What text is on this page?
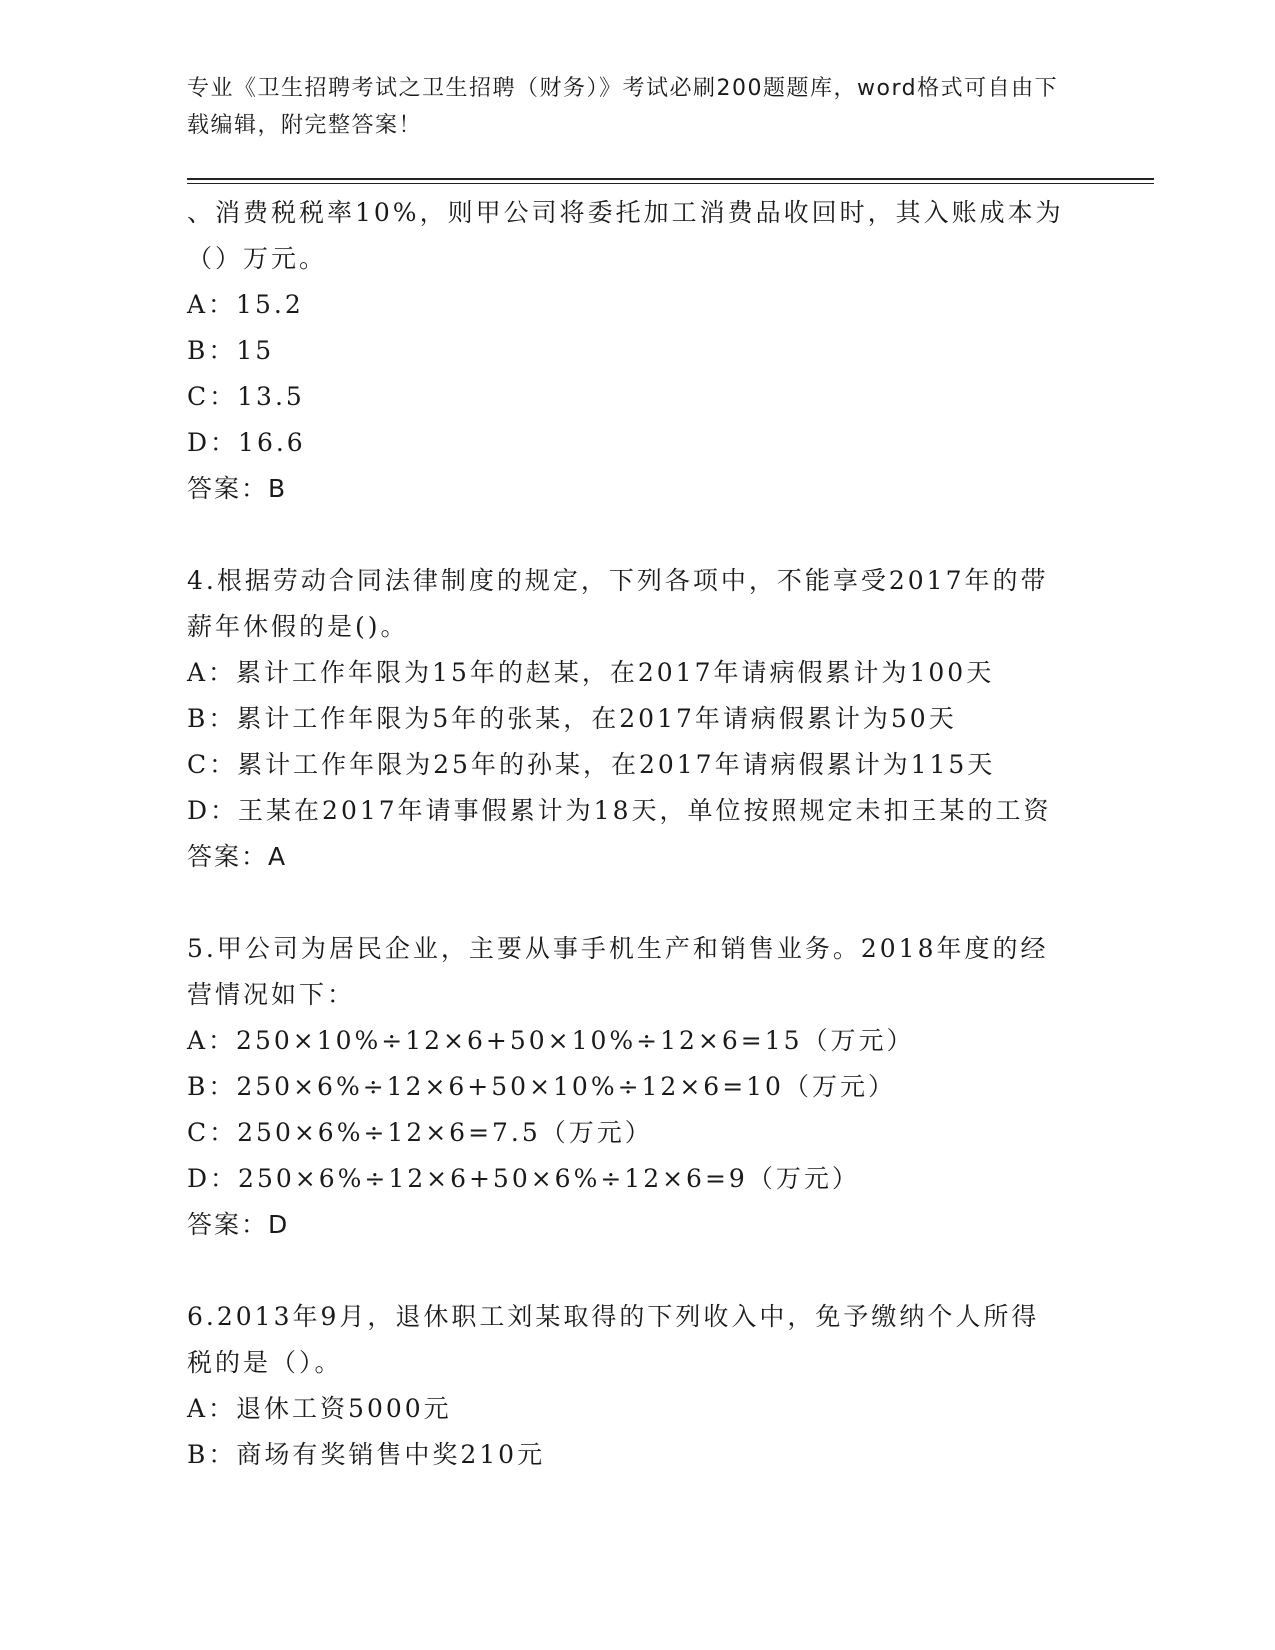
专业《卫生招聘考试之卫生招聘（财务）》考试必刷200题题库，word格式可自由下载编辑，附完整答案！

、消费税税率10%，则甲公司将委托加工消费品收回时，其入账成本为

（）万元。

A：15.2

B：15

C：13.5

D：16.6

答案：B

4.根据劳动合同法律制度的规定，下列各项中，不能享受2017年的带

薪年休假的是()。

A：累计工作年限为15年的赵某，在2017年请病假累计为100天

B：累计工作年限为5年的张某，在2017年请病假累计为50天

C：累计工作年限为25年的孙某，在2017年请病假累计为115天

D：王某在2017年请事假累计为18天，单位按照规定未扣王某的工资

答案：A

5.甲公司为居民企业，主要从事手机生产和销售业务。2018年度的经

营情况如下：

A：250×10%÷12×6+50×10%÷12×6=15（万元）

B：250×6%÷12×6+50×10%÷12×6=10（万元）

C：250×6%÷12×6=7.5（万元）

D：250×6%÷12×6+50×6%÷12×6=9（万元）

答案：D

6.2013年9月，退休职工刘某取得的下列收入中，免予缴纳个人所得

税的是（）。

A：退休工资5000元

B：商场有奖销售中奖210元
